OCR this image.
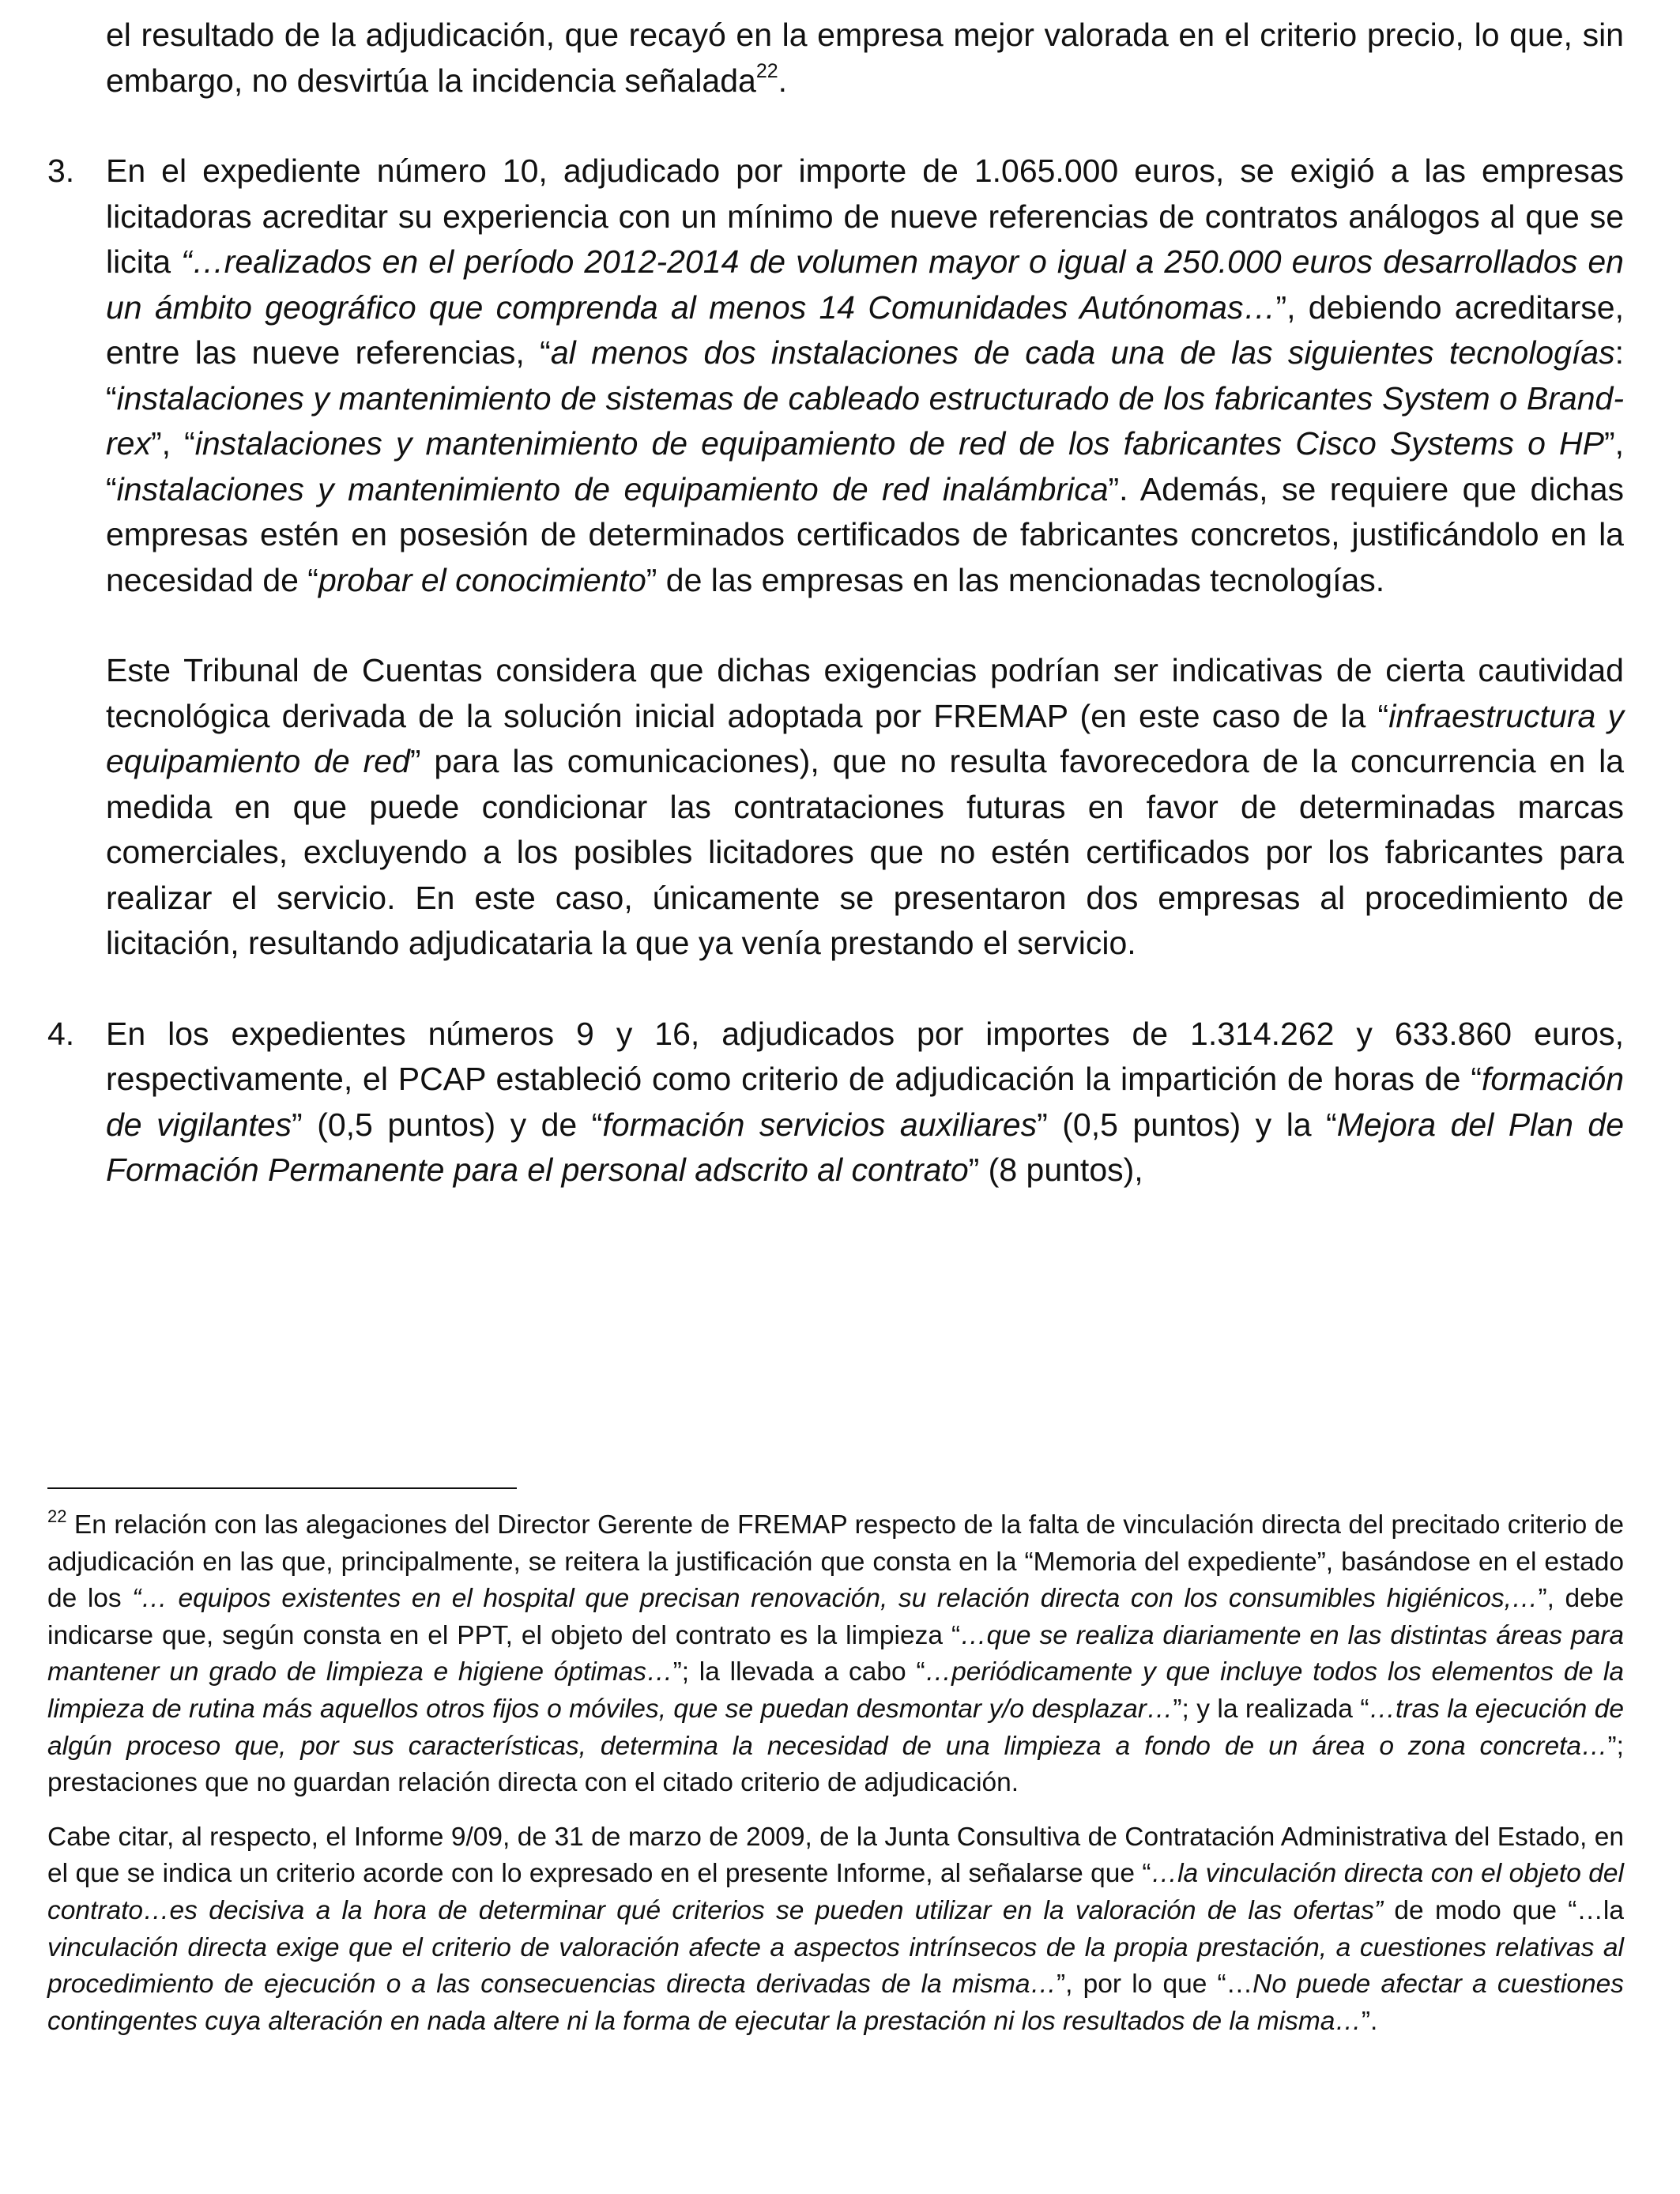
el resultado de la adjudicación, que recayó en la empresa mejor valorada en el criterio precio, lo que, sin embargo, no desvirtúa la incidencia señalada$^{22}$.

3. En el expediente número 10, adjudicado por importe de 1.065.000 euros, se exigió a las empresas licitadoras acreditar su experiencia con un mínimo de nueve referencias de contratos análogos al que se licita “…realizados en el período 2012-2014 de volumen mayor o igual a 250.000 euros desarrollados en un ámbito geográfico que comprenda al menos 14 Comunidades Autónomas…”, debiendo acreditarse, entre las nueve referencias, “al menos dos instalaciones de cada una de las siguientes tecnologías: “instalaciones y mantenimiento de sistemas de cableado estructurado de los fabricantes System o Brand-rex”, “instalaciones y mantenimiento de equipamiento de red de los fabricantes Cisco Systems o HP”, “instalaciones y mantenimiento de equipamiento de red inalámbrica”. Además, se requiere que dichas empresas estén en posesión de determinados certificados de fabricantes concretos, justificándolo en la necesidad de “probar el conocimiento” de las empresas en las mencionadas tecnologías.

Este Tribunal de Cuentas considera que dichas exigencias podrían ser indicativas de cierta cautividad tecnológica derivada de la solución inicial adoptada por FREMAP (en este caso de la “infraestructura y equipamiento de red” para las comunicaciones), que no resulta favorecedora de la concurrencia en la medida en que puede condicionar las contrataciones futuras en favor de determinadas marcas comerciales, excluyendo a los posibles licitadores que no estén certificados por los fabricantes para realizar el servicio. En este caso, únicamente se presentaron dos empresas al procedimiento de licitación, resultando adjudicataria la que ya venía prestando el servicio.

4. En los expedientes números 9 y 16, adjudicados por importes de 1.314.262 y 633.860 euros, respectivamente, el PCAP estableció como criterio de adjudicación la impartición de horas de “formación de vigilantes” (0,5 puntos) y de “formación servicios auxiliares” (0,5 puntos) y la “Mejora del Plan de Formación Permanente para el personal adscrito al contrato” (8 puntos),

$^{22}$ En relación con las alegaciones del Director Gerente de FREMAP respecto de la falta de vinculación directa del precitado criterio de adjudicación en las que, principalmente, se reitera la justificación que consta en la “Memoria del expediente”, basándose en el estado de los “… equipos existentes en el hospital que precisan renovación, su relación directa con los consumibles higiénicos,…”, debe indicarse que, según consta en el PPT, el objeto del contrato es la limpieza “…que se realiza diariamente en las distintas áreas para mantener un grado de limpieza e higiene óptimas…”; la llevada a cabo “…periódicamente y que incluye todos los elementos de la limpieza de rutina más aquellos otros fijos o móviles, que se puedan desmontar y/o desplazar…”; y la realizada “…tras la ejecución de algún proceso que, por sus características, determina la necesidad de una limpieza a fondo de un área o zona concreta…”; prestaciones que no guardan relación directa con el citado criterio de adjudicación.

Cabe citar, al respecto, el Informe 9/09, de 31 de marzo de 2009, de la Junta Consultiva de Contratación Administrativa del Estado, en el que se indica un criterio acorde con lo expresado en el presente Informe, al señalarse que “…la vinculación directa con el objeto del contrato…es decisiva a la hora de determinar qué criterios se pueden utilizar en la valoración de las ofertas” de modo que “…la vinculación directa exige que el criterio de valoración afecte a aspectos intrínsecos de la propia prestación, a cuestiones relativas al procedimiento de ejecución o a las consecuencias directa derivadas de la misma…”, por lo que “…No puede afectar a cuestiones contingentes cuya alteración en nada altere ni la forma de ejecutar la prestación ni los resultados de la misma…”.
